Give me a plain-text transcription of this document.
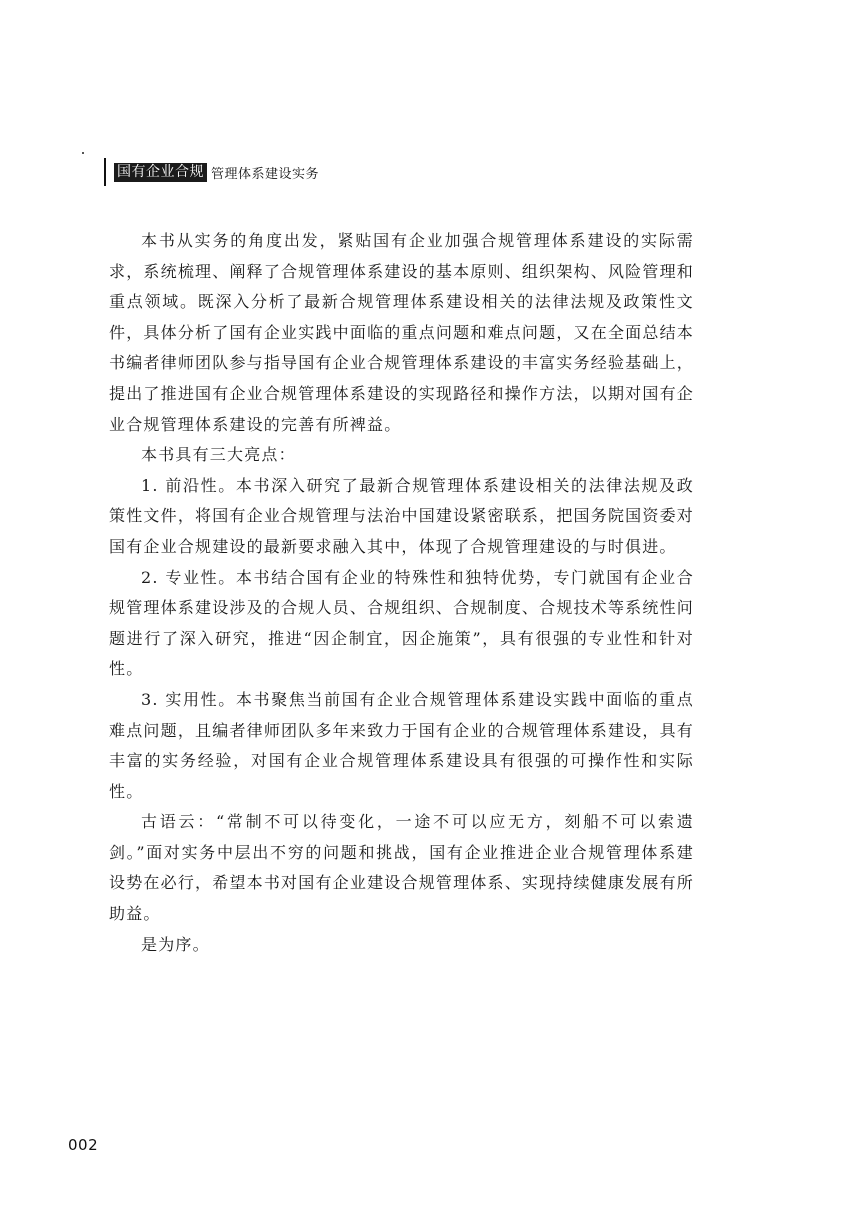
国有企业合规 管理体系建设实务

本书从实务的角度出发，紧贴国有企业加强合规管理体系建设的实际需求，系统梳理、阐释了合规管理体系建设的基本原则、组织架构、风险管理和重点领域。既深入分析了最新合规管理体系建设相关的法律法规及政策性文件，具体分析了国有企业实践中面临的重点问题和难点问题，又在全面总结本书编者律师团队参与指导国有企业合规管理体系建设的丰富实务经验基础上，提出了推进国有企业合规管理体系建设的实现路径和操作方法，以期对国有企业合规管理体系建设的完善有所裨益。

本书具有三大亮点：

1. 前沿性。本书深入研究了最新合规管理体系建设相关的法律法规及政策性文件，将国有企业合规管理与法治中国建设紧密联系，把国务院国资委对国有企业合规建设的最新要求融入其中，体现了合规管理建设的与时俱进。

2. 专业性。本书结合国有企业的特殊性和独特优势，专门就国有企业合规管理体系建设涉及的合规人员、合规组织、合规制度、合规技术等系统性问题进行了深入研究，推进“因企制宜，因企施策”，具有很强的专业性和针对性。

3. 实用性。本书聚焦当前国有企业合规管理体系建设实践中面临的重点难点问题，且编者律师团队多年来致力于国有企业的合规管理体系建设，具有丰富的实务经验，对国有企业合规管理体系建设具有很强的可操作性和实际性。

古语云：“常制不可以待变化，一途不可以应无方，刻船不可以索遗剑。”面对实务中层出不穷的问题和挑战，国有企业推进企业合规管理体系建设势在必行，希望本书对国有企业建设合规管理体系、实现持续健康发展有所助益。

是为序。

002
